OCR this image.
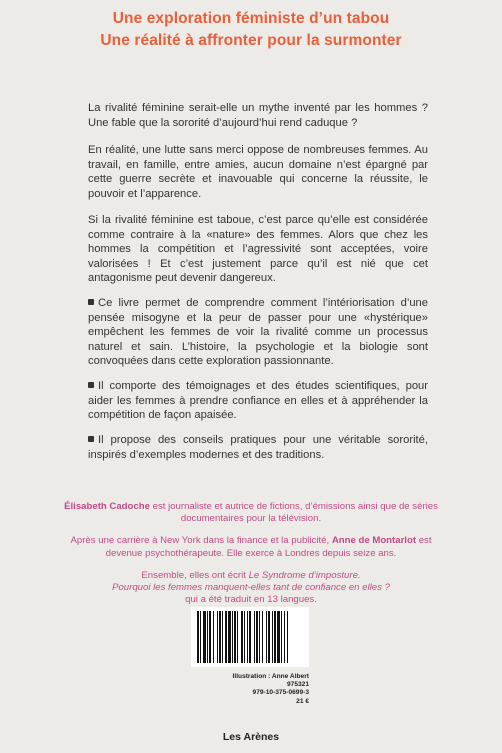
Une exploration féministe d’un tabou
Une réalité à affronter pour la surmonter

La rivalité féminine serait-elle un mythe inventé par les hommes ? Une fable que la sororité d’aujourd’hui rend caduque ?

En réalité, une lutte sans merci oppose de nombreuses femmes. Au travail, en famille, entre amies, aucun domaine n’est épargné par cette guerre secrète et inavouable qui concerne la réussite, le pouvoir et l’apparence.

Si la rivalité féminine est taboue, c’est parce qu’elle est considérée comme contraire à la «nature» des femmes. Alors que chez les hommes la compétition et l’agressivité sont acceptées, voire valorisées ! Et c’est justement parce qu’il est nié que cet antagonisme peut devenir dangereux.

Ce livre permet de comprendre comment l’intériorisation d’une pensée misogyne et la peur de passer pour une «hystérique» empêchent les femmes de voir la rivalité comme un processus naturel et sain. L’histoire, la psychologie et la biologie sont convoquées dans cette exploration passionnante.

Il comporte des témoignages et des études scientifiques, pour aider les femmes à prendre confiance en elles et à appréhender la compétition de façon apaisée.

Il propose des conseils pratiques pour une véritable sororité, inspirés d’exemples modernes et des traditions.

Élisabeth Cadoche est journaliste et autrice de fictions, d’émissions ainsi que de séries documentaires pour la télévision.

Après une carrière à New York dans la finance et la publicité, Anne de Montarlot est devenue psychothérapeute. Elle exerce à Londres depuis seize ans.

Ensemble, elles ont écrit Le Syndrome d’imposture.
Pourquoi les femmes manquent-elles tant de confiance en elles ?
qui a été traduit en 13 langues.

Illustration : Anne Albert
975321
979-10-375-0699-3
21 €
Les Arènes
